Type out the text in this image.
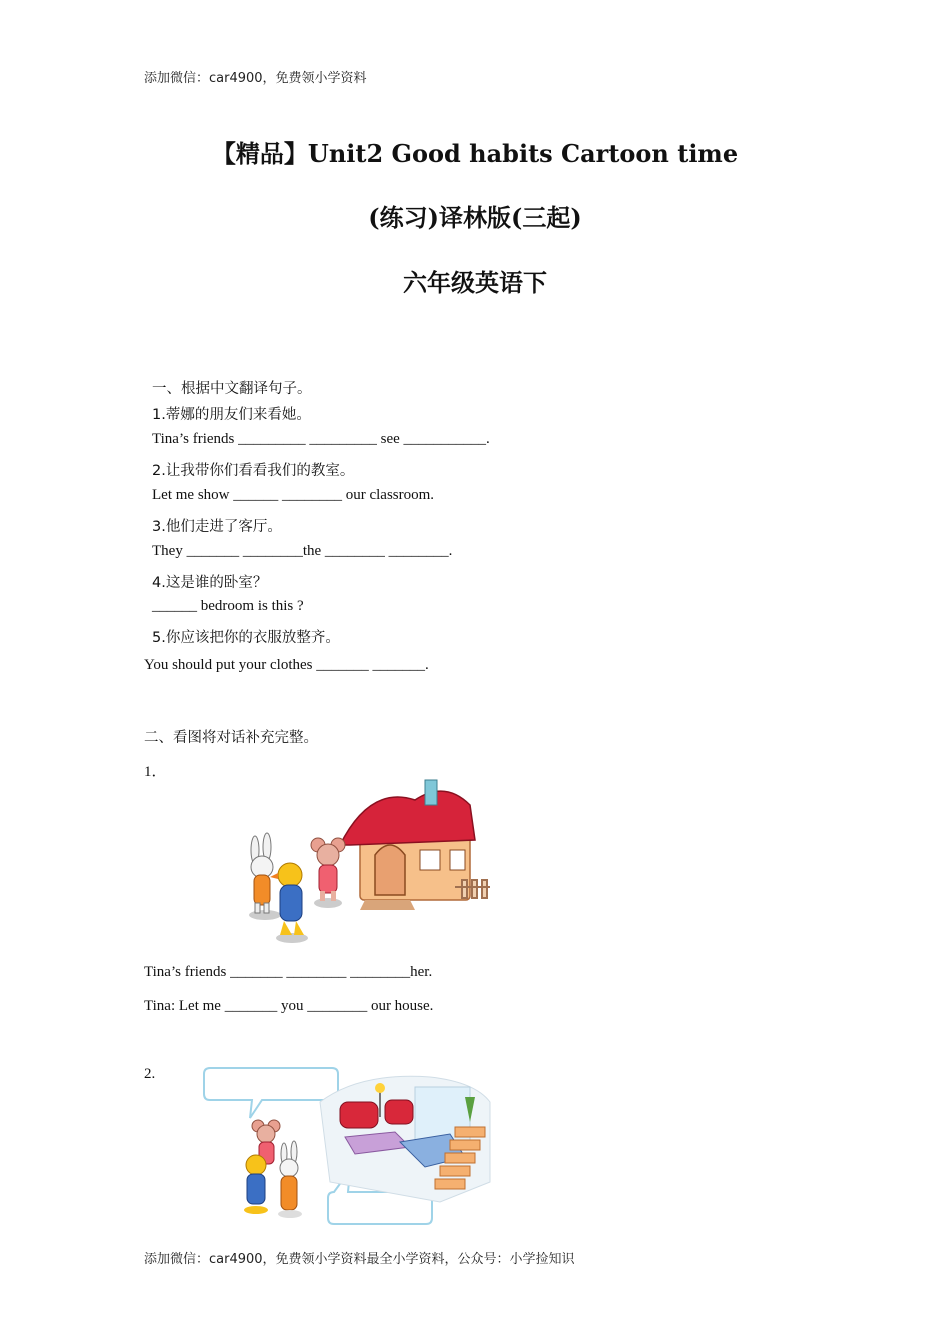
添加微信：car4900，免费领小学资料
【精品】Unit2 Good habits Cartoon time
(练习)译林版(三起)
六年级英语下
一、根据中文翻译句子。
1.蒂娜的朋友们来看她。
Tina’s friends _________ _________ see ___________.
2.让我带你们看看我们的教室。
Let me show ______ ________ our classroom.
3.他们走进了客厅。
They _______ ________the ________ ________.
4.这是谁的卧室？
______ bedroom is this ?
5.你应该把你的衣服放整齐。
You should put your clothes _______ _______.
二、看图将对话补充完整。
1．
Tina’s friends _______ ________ ________her.
Tina: Let me _______ you ________ our house.
2.
添加微信：car4900，免费领小学资料最全小学资料，公众号：小学捡知识
